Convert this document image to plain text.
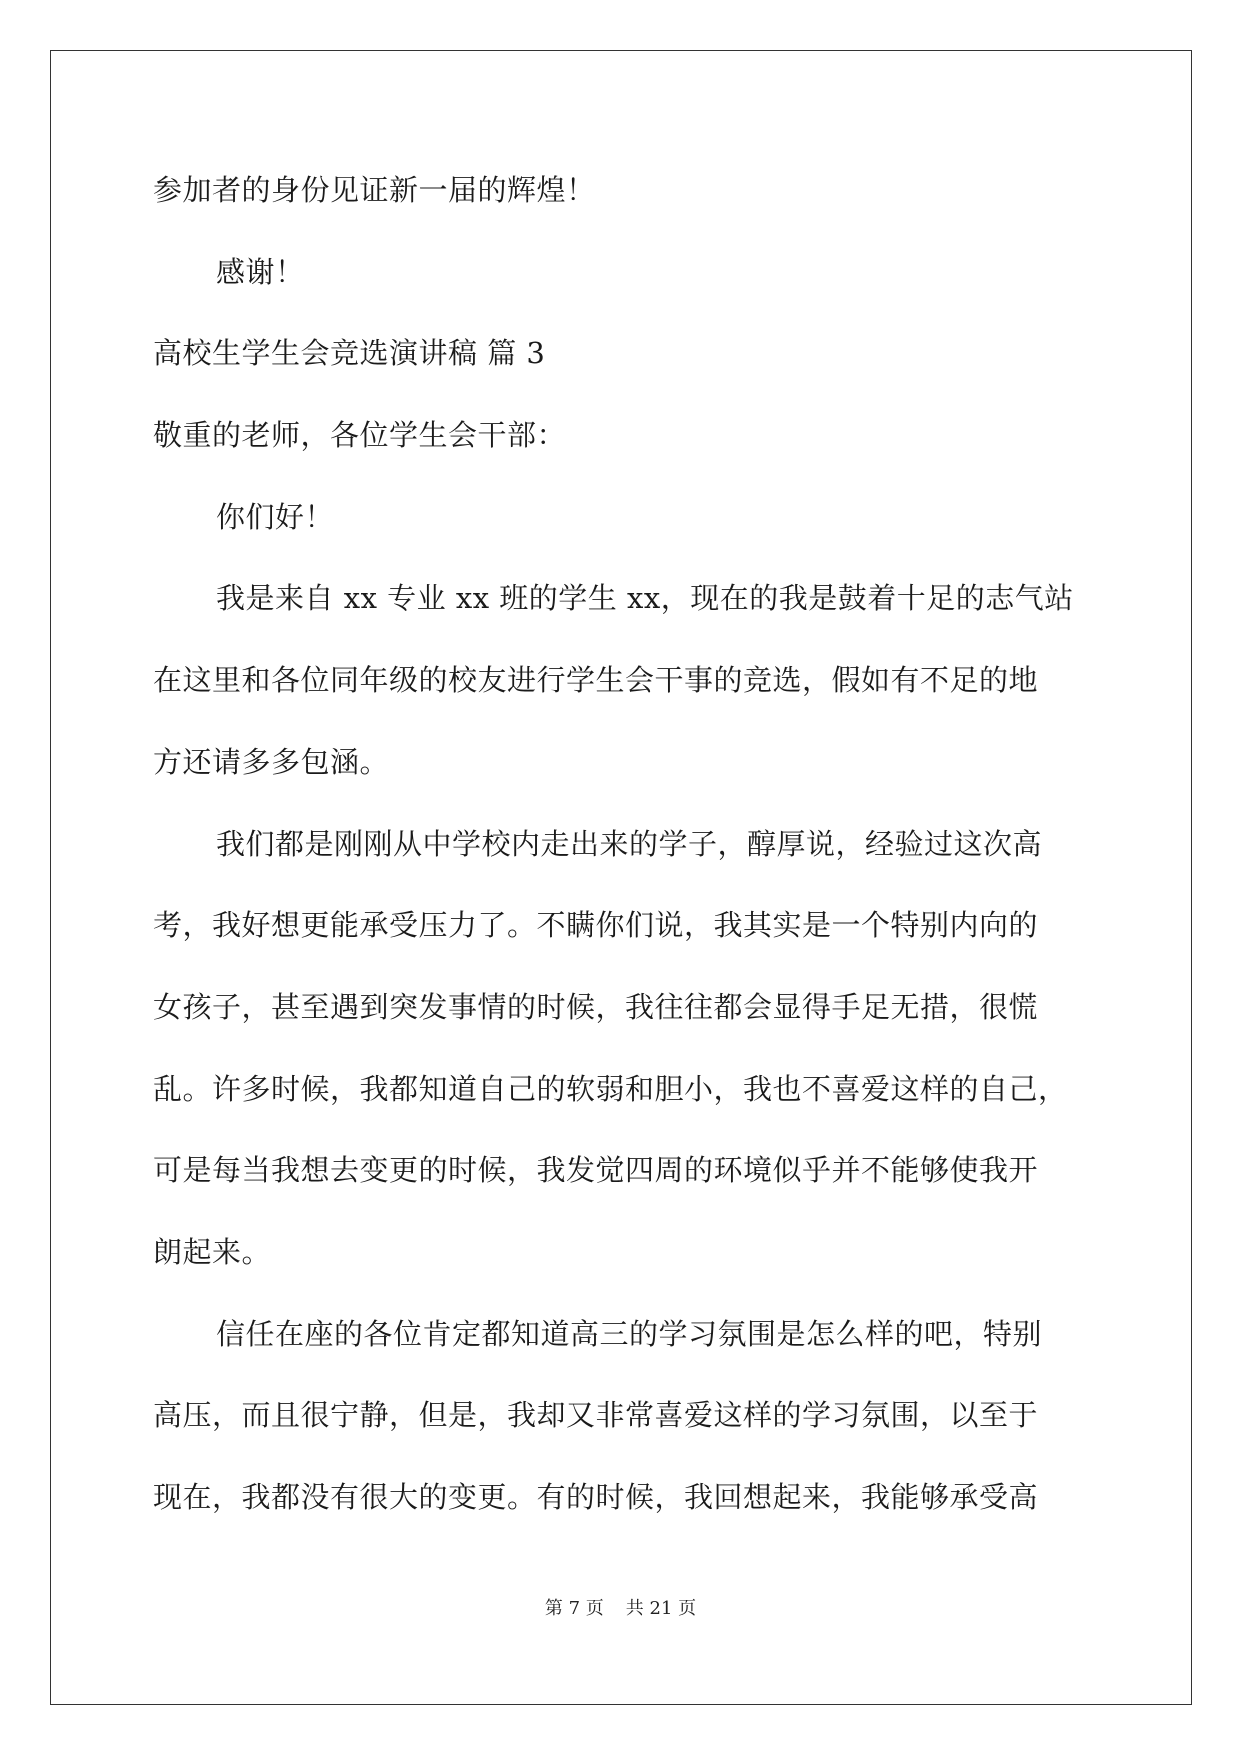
参加者的身份见证新一届的辉煌！
感谢！
高校生学生会竞选演讲稿 篇 3
敬重的老师，各位学生会干部：
你们好！
我是来自 xx 专业 xx 班的学生 xx，现在的我是鼓着十足的志气站
在这里和各位同年级的校友进行学生会干事的竞选，假如有不足的地
方还请多多包涵。
我们都是刚刚从中学校内走出来的学子，醇厚说，经验过这次高
考，我好想更能承受压力了。不瞒你们说，我其实是一个特别内向的
女孩子，甚至遇到突发事情的时候，我往往都会显得手足无措，很慌
乱。许多时候，我都知道自己的软弱和胆小，我也不喜爱这样的自己，
可是每当我想去变更的时候，我发觉四周的环境似乎并不能够使我开
朗起来。
信任在座的各位肯定都知道高三的学习氛围是怎么样的吧，特别
高压，而且很宁静，但是，我却又非常喜爱这样的学习氛围，以至于
现在，我都没有很大的变更。有的时候，我回想起来，我能够承受高
第 7 页 共 21 页
